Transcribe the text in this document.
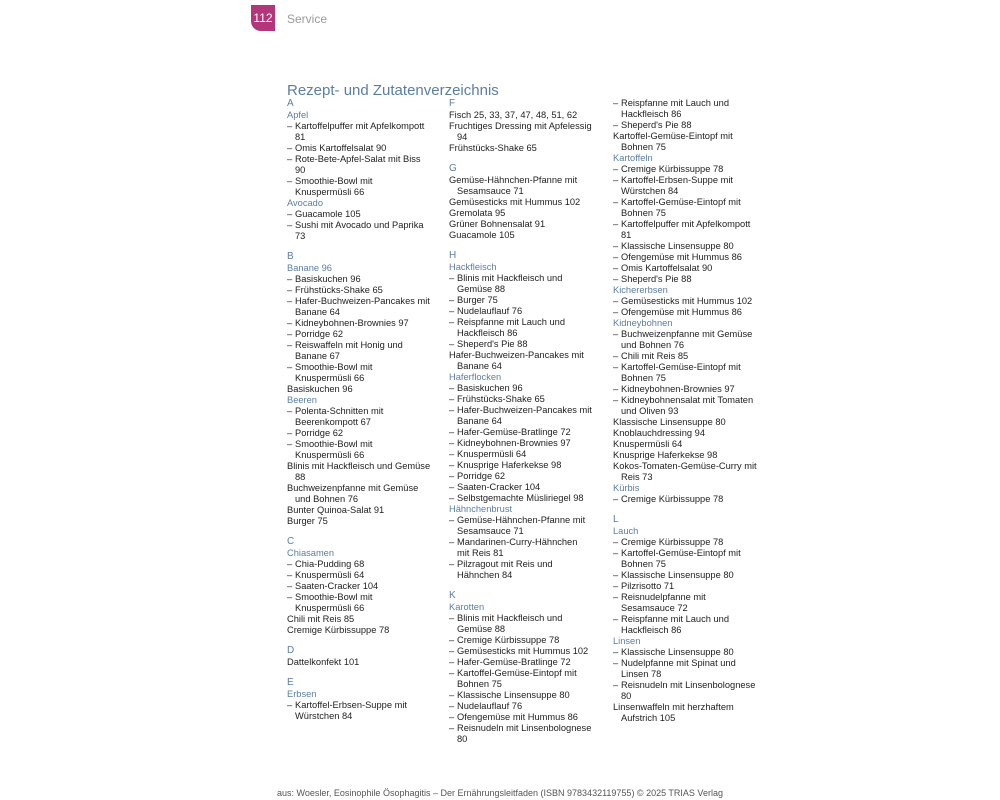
112 Service
Rezept- und Zutatenverzeichnis
A
Apfel
– Kartoffelpuffer mit Apfelkompott
81
– Omis Kartoffelsalat 90
– Rote-Bete-Apfel-Salat mit Biss
90
– Smoothie-Bowl mit
Knuspermüsli 66
Avocado
– Guacamole 105
– Sushi mit Avocado und Paprika
73
B
Banane 96
– Basiskuchen 96
– Frühstücks-Shake 65
– Hafer-Buchweizen-Pancakes mit
Banane 64
– Kidneybohnen-Brownies 97
– Porridge 62
– Reiswaffeln mit Honig und
Banane 67
– Smoothie-Bowl mit
Knuspermüsli 66
Basiskuchen 96
Beeren
– Polenta-Schnitten mit
Beerenkompott 67
– Porridge 62
– Smoothie-Bowl mit
Knuspermüsli 66
Blinis mit Hackfleisch und Gemüse
88
Buchweizenpfanne mit Gemüse
und Bohnen 76
Bunter Quinoa-Salat 91
Burger 75
C
Chiasamen
– Chia-Pudding 68
– Knuspermüsli 64
– Saaten-Cracker 104
– Smoothie-Bowl mit
Knuspermüsli 66
Chili mit Reis 85
Cremige Kürbissuppe 78
D
Dattelkonfekt 101
E
Erbsen
– Kartoffel-Erbsen-Suppe mit
Würstchen 84
F
Fisch 25, 33, 37, 47, 48, 51, 62
Fruchtiges Dressing mit Apfelessig
94
Frühstücks-Shake 65
G
Gemüse-Hähnchen-Pfanne mit
Sesamsauce 71
Gemüsesticks mit Hummus 102
Gremolata 95
Grüner Bohnensalat 91
Guacamole 105
H
Hackfleisch
– Blinis mit Hackfleisch und
Gemüse 88
– Burger 75
– Nudelauflauf 76
– Reispfanne mit Lauch und
Hackfleisch 86
– Sheperd's Pie 88
Hafer-Buchweizen-Pancakes mit
Banane 64
Haferflocken
– Basiskuchen 96
– Frühstücks-Shake 65
– Hafer-Buchweizen-Pancakes mit
Banane 64
– Hafer-Gemüse-Bratlinge 72
– Kidneybohnen-Brownies 97
– Knuspermüsli 64
– Knusprige Haferkekse 98
– Porridge 62
– Saaten-Cracker 104
– Selbstgemachte Müsliriegel 98
Hähnchenbrust
– Gemüse-Hähnchen-Pfanne mit
Sesamsauce 71
– Mandarinen-Curry-Hähnchen
mit Reis 81
– Pilzragout mit Reis und
Hähnchen 84
K
Karotten
– Blinis mit Hackfleisch und
Gemüse 88
– Cremige Kürbissuppe 78
– Gemüsesticks mit Hummus 102
– Hafer-Gemüse-Bratlinge 72
– Kartoffel-Gemüse-Eintopf mit
Bohnen 75
– Klassische Linsensuppe 80
– Nudelauflauf 76
– Ofengemüse mit Hummus 86
– Reisnudeln mit Linsenbolognese
80
– Reispfanne mit Lauch und
Hackfleisch 86
– Sheperd's Pie 88
Kartoffel-Gemüse-Eintopf mit
Bohnen 75
Kartoffeln
– Cremige Kürbissuppe 78
– Kartoffel-Erbsen-Suppe mit
Würstchen 84
– Kartoffel-Gemüse-Eintopf mit
Bohnen 75
– Kartoffelpuffer mit Apfelkompott
81
– Klassische Linsensuppe 80
– Ofengemüse mit Hummus 86
– Omis Kartoffelsalat 90
– Sheperd's Pie 88
Kichererbsen
– Gemüsesticks mit Hummus 102
– Ofengemüse mit Hummus 86
Kidneybohnen
– Buchweizenpfanne mit Gemüse
und Bohnen 76
– Chili mit Reis 85
– Kartoffel-Gemüse-Eintopf mit
Bohnen 75
– Kidneybohnen-Brownies 97
– Kidneybohnensalat mit Tomaten
und Oliven 93
Klassische Linsensuppe 80
Knoblauchdressing 94
Knuspermüsli 64
Knusprige Haferkekse 98
Kokos-Tomaten-Gemüse-Curry mit
Reis 73
Kürbis
– Cremige Kürbissuppe 78
L
Lauch
– Cremige Kürbissuppe 78
– Kartoffel-Gemüse-Eintopf mit
Bohnen 75
– Klassische Linsensuppe 80
– Pilzrisotto 71
– Reisnudelpfanne mit
Sesamsauce 72
– Reispfanne mit Lauch und
Hackfleisch 86
Linsen
– Klassische Linsensuppe 80
– Nudelpfanne mit Spinat und
Linsen 78
– Reisnudeln mit Linsenbolognese
80
Linsenwaffeln mit herzhaftem
Aufstrich 105
aus: Woesler, Eosinophile Ösophagitis – Der Ernährungsleitfaden (ISBN 9783432119755) © 2025 TRIAS Verlag
